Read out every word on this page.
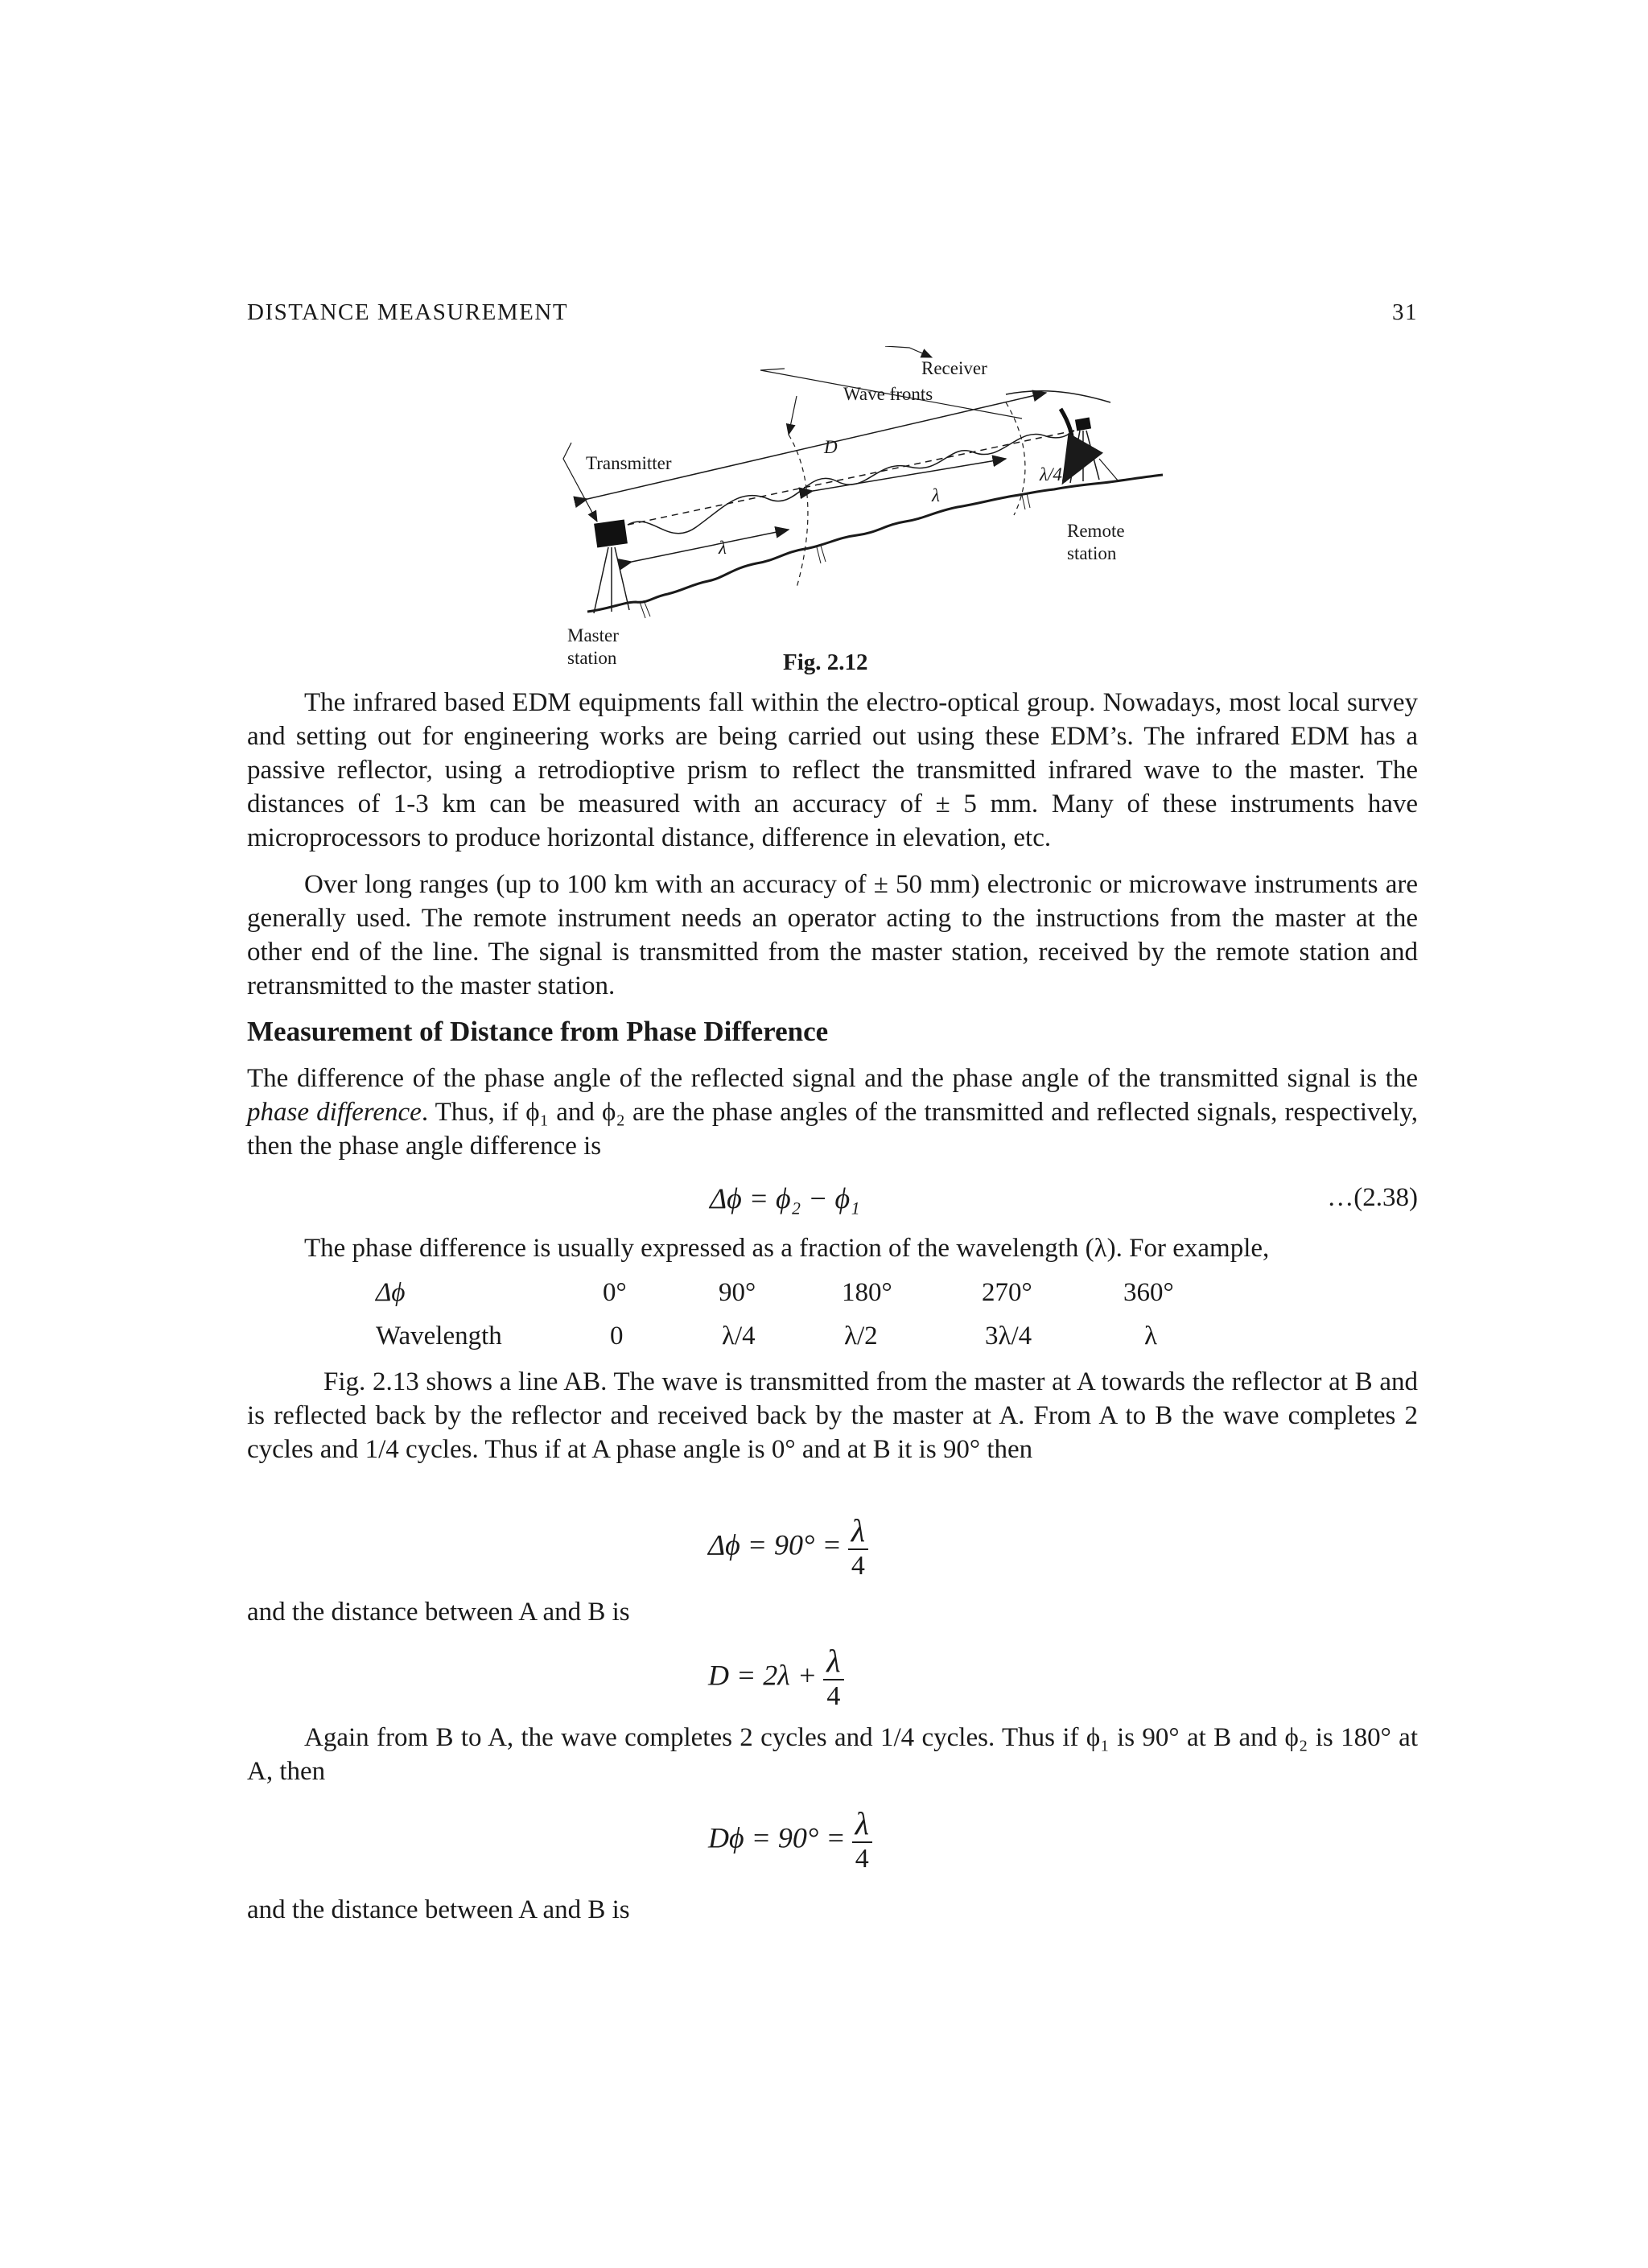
DISTANCE MEASUREMENT	31
Receiver
Wave fronts
Transmitter
D
λ/4
λ
λ
Remote station
Master station	Fig. 2.12

The infrared based EDM equipments fall within the electro-optical group. Nowadays, most local survey and setting out for engineering works are being carried out using these EDM’s. The infrared EDM has a passive reflector, using a retrodioptive prism to reflect the transmitted infrared wave to the master. The distances of 1-3 km can be measured with an accuracy of ± 5 mm. Many of these instruments have microprocessors to produce horizontal distance, difference in elevation, etc.

Over long ranges (up to 100 km with an accuracy of ± 50 mm) electronic or microwave instruments are generally used. The remote instrument needs an operator acting to the instructions from the master at the other end of the line. The signal is transmitted from the master station, received by the remote station and retransmitted to the master station.

Measurement of Distance from Phase Difference

The difference of the phase angle of the reflected signal and the phase angle of the transmitted signal is the phase difference. Thus, if ϕ₁ and ϕ₂ are the phase angles of the transmitted and reflected signals, respectively, then the phase angle difference is

Δϕ = ϕ₂ − ϕ₁	…(2.38)

The phase difference is usually expressed as a fraction of the wavelength (λ). For example,

Δϕ	0°	90°	180°	270°	360°
Wavelength	0	λ/4	λ/2	3λ/4	λ

Fig. 2.13 shows a line AB. The wave is transmitted from the master at A towards the reflector at B and is reflected back by the reflector and received back by the master at A. From A to B the wave completes 2 cycles and 1/4 cycles. Thus if at A phase angle is 0° and at B it is 90° then

$\Delta\phi = 90^\circ = \frac{\lambda}{4}$

and the distance between A and B is

$D = 2\lambda + \frac{\lambda}{4}$

Again from B to A, the wave completes 2 cycles and 1/4 cycles. Thus if ϕ₁ is 90° at B and ϕ₂ is 180° at A, then

$D\phi = 90^\circ = \frac{\lambda}{4}$

and the distance between A and B is
